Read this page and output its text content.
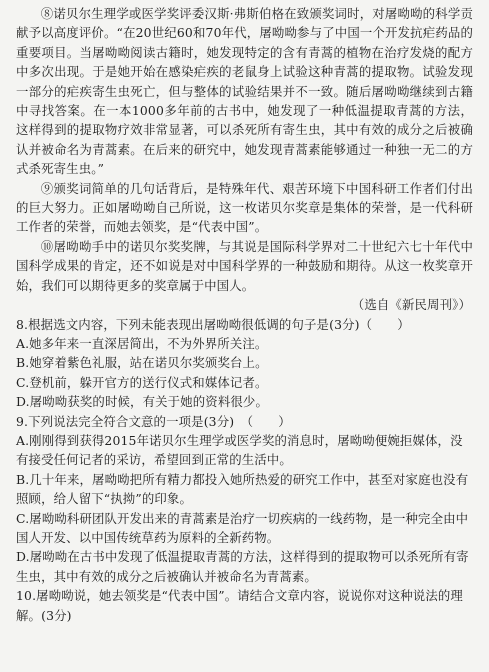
⑧诺贝尔生理学或医学奖评委汉斯·弗斯伯格在致颁奖词时，对屠呦呦的科学贡献予以高度评价。“在20世纪60和70年代，屠呦呦参与了中国一个开发抗疟药品的重要项目。当屠呦呦阅读古籍时，她发现特定的含有青蒿的植物在治疗发烧的配方中多次出现。于是她开始在感染疟疾的老鼠身上试验这种青蒿的提取物。试验发现一部分的疟疾寄生虫死亡，但与整体的试验结果并不一致。随后屠呦呦继续到古籍中寻找答案。在一本1000多年前的古书中，她发现了一种低温提取青蒿的方法，这样得到的提取物疗效非常显著，可以杀死所有寄生虫，其中有效的成分之后被确认并被命名为青蒿素。在后来的研究中，她发现青蒿素能够通过一种独一无二的方式杀死寄生虫。”

⑨颁奖词简单的几句话背后，是特殊年代、艰苦环境下中国科研工作者们付出的巨大努力。正如屠呦呦自己所说，这一枚诺贝尔奖章是集体的荣誉，是一代科研工作者的荣誉，而她去领奖，是“代表中国”。

⑩屠呦呦手中的诺贝尔奖奖牌，与其说是国际科学界对二十世纪六七十年代中国科学成果的肯定，还不如说是对中国科学界的一种鼓励和期待。从这一枚奖章开始，我们可以期待更多的奖章属于中国人。

（选自《新民周刊》）

8.根据选文内容，下列未能表现出屠呦呦很低调的句子是(3分)（　　）

A.她多年来一直深居简出，不为外界所关注。

B.她穿着紫色礼服，站在诺贝尔奖颁奖台上。

C.登机前，躲开官方的送行仪式和媒体记者。

D.屠呦呦获奖的时候，有关于她的资料很少。

9.下列说法完全符合文意的一项是(3分)　（　　）

A.刚刚得到获得2015年诺贝尔生理学或医学奖的消息时，屠呦呦便婉拒媒体，没有接受任何记者的采访，希望回到正常的生活中。

B.几十年来，屠呦呦把所有精力都投入她所热爱的研究工作中，甚至对家庭也没有照顾，给人留下“执拗”的印象。

C.屠呦呦科研团队开发出来的青蒿素是治疗一切疾病的一线药物，是一种完全由中国人开发、以中国传统草药为原料的全新药物。

D.屠呦呦在古书中发现了低温提取青蒿的方法，这样得到的提取物可以杀死所有寄生虫，其中有效的成分之后被确认并被命名为青蒿素。

10.屠呦呦说，她去领奖是“代表中国”。请结合文章内容，说说你对这种说法的理解。(3分)
